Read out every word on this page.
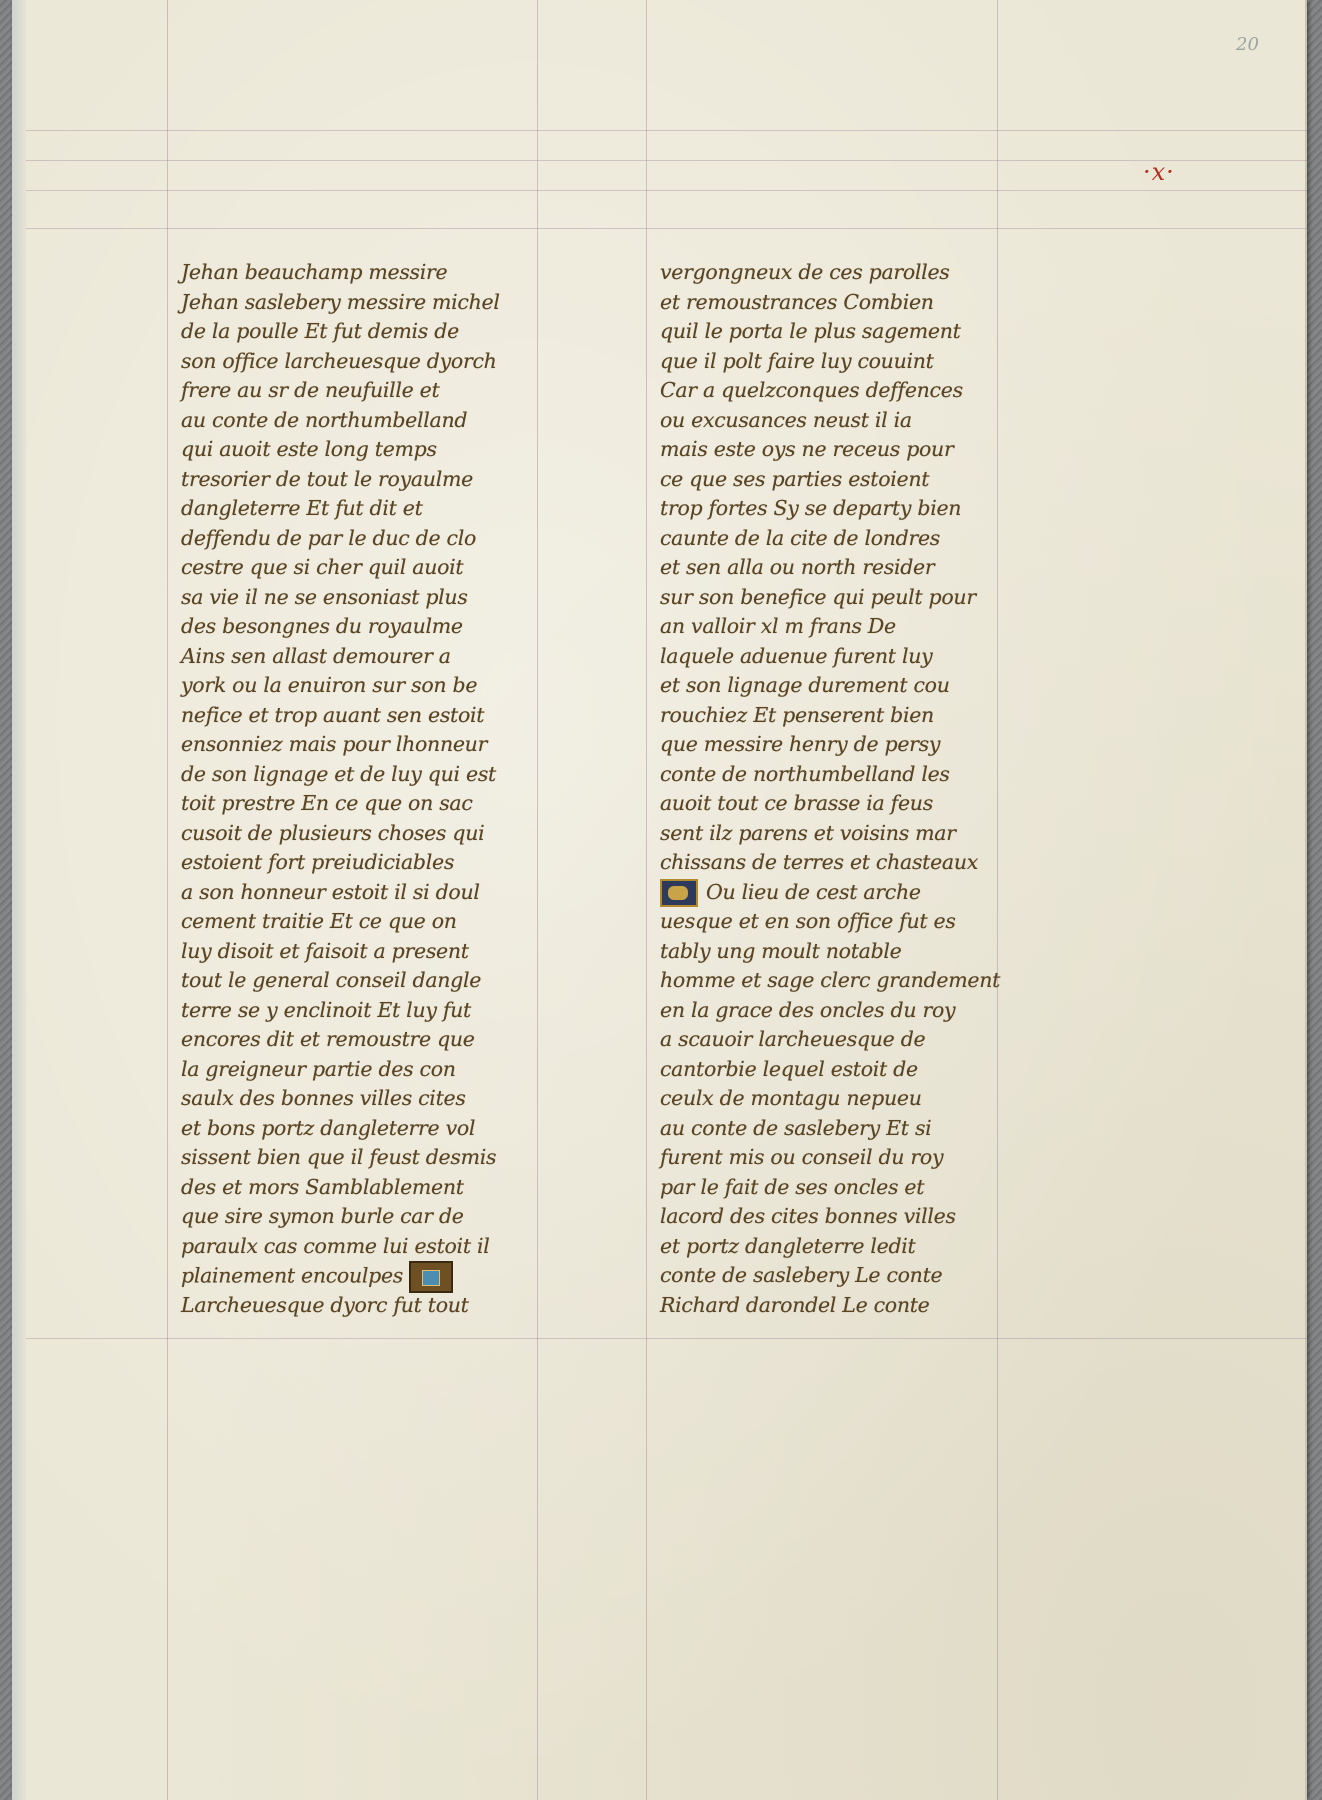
20
·x·
Jehan beauchamp messire
Jehan saslebery messire michel
de la poulle Et fut demis de
son office larcheuesque dyorch
frere au sr de neufuille et
au conte de northumbelland
qui auoit este long temps
tresorier de tout le royaulme
dangleterre Et fut dit et
deffendu de par le duc de clo
cestre que si cher quil auoit
sa vie il ne se ensoniast plus
des besongnes du royaulme
Ains sen allast demourer a
york ou la enuiron sur son be
nefice et trop auant sen estoit
ensonniez mais pour lhonneur
de son lignage et de luy qui est
toit prestre En ce que on sac
cusoit de plusieurs choses qui
estoient fort preiudiciables
a son honneur estoit il si doul
cement traitie Et ce que on
luy disoit et faisoit a present
tout le general conseil dangle
terre se y enclinoit Et luy fut
encores dit et remoustre que
la greigneur partie des con
saulx des bonnes villes cites
et bons portz dangleterre vol
sissent bien que il feust desmis
des et mors Samblablement
que sire symon burle car de
paraulx cas comme lui estoit il
plainement encoulpes
Larcheuesque dyorc fut tout
vergongneux de ces parolles
et remoustrances Combien
quil le porta le plus sagement
que il polt faire luy couuint
Car a quelzconques deffences
ou excusances neust il ia
mais este oys ne receus pour
ce que ses parties estoient
trop fortes Sy se departy bien
caunte de la cite de londres
et sen alla ou north resider
sur son benefice qui peult pour
an valloir xl m frans De
laquele aduenue furent luy
et son lignage durement cou
rouchiez Et penserent bien
que messire henry de persy
conte de northumbelland les
auoit tout ce brasse ia feus
sent ilz parens et voisins mar
chissans de terres et chasteaux
Ou lieu de cest arche
uesque et en son office fut es
tably ung moult notable
homme et sage clerc grandement
en la grace des oncles du roy
a scauoir larcheuesque de
cantorbie lequel estoit de
ceulx de montagu nepueu
au conte de saslebery Et si
furent mis ou conseil du roy
par le fait de ses oncles et
lacord des cites bonnes villes
et portz dangleterre ledit
conte de saslebery Le conte
Richard darondel Le conte
